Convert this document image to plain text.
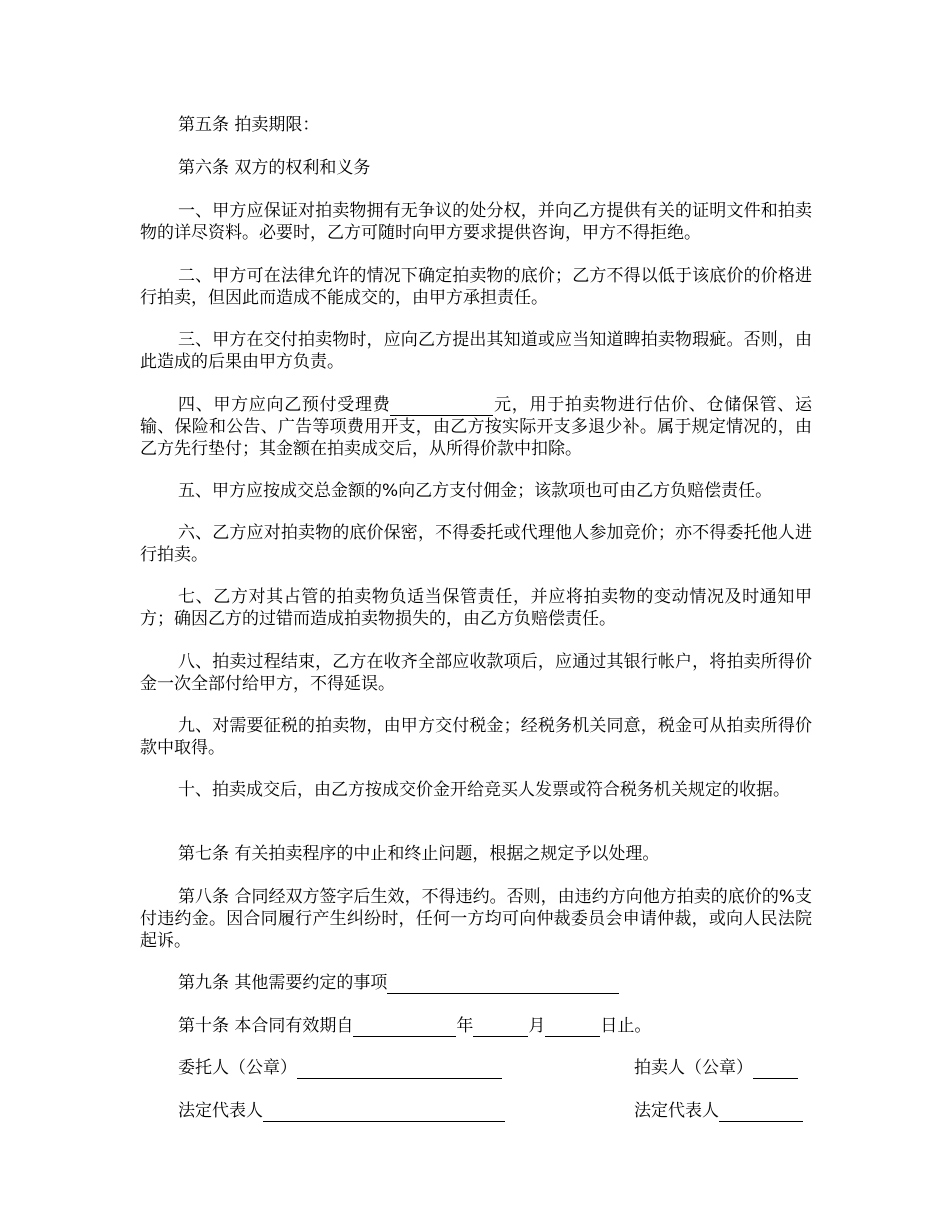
第五条 拍卖期限：

第六条 双方的权利和义务

一、甲方应保证对拍卖物拥有无争议的处分权，并向乙方提供有关的证明文件和拍卖物的详尽资料。必要时，乙方可随时向甲方要求提供咨询，甲方不得拒绝。

二、甲方可在法律允许的情况下确定拍卖物的底价；乙方不得以低于该底价的价格进行拍卖，但因此而造成不能成交的，由甲方承担责任。

三、甲方在交付拍卖物时，应向乙方提出其知道或应当知道睥拍卖物瑕疵。否则，由此造成的后果由甲方负责。

四、甲方应向乙预付受理费	元，用于拍卖物进行估价、仓储保管、运输、保险和公告、广告等项费用开支，由乙方按实际开支多退少补。属于规定情况的，由乙方先行垫付；其金额在拍卖成交后，从所得价款中扣除。

五、甲方应按成交总金额的%向乙方支付佣金；该款项也可由乙方负赔偿责任。

六、乙方应对拍卖物的底价保密，不得委托或代理他人参加竞价；亦不得委托他人进行拍卖。

七、乙方对其占管的拍卖物负适当保管责任，并应将拍卖物的变动情况及时通知甲方；确因乙方的过错而造成拍卖物损失的，由乙方负赔偿责任。

八、拍卖过程结束，乙方在收齐全部应收款项后，应通过其银行帐户，将拍卖所得价金一次全部付给甲方，不得延误。

九、对需要征税的拍卖物，由甲方交付税金；经税务机关同意，税金可从拍卖所得价款中取得。

十、拍卖成交后，由乙方按成交价金开给竞买人发票或符合税务机关规定的收据。

第七条 有关拍卖程序的中止和终止问题，根据之规定予以处理。

第八条 合同经双方签字后生效，不得违约。否则，由违约方向他方拍卖的底价的%支付违约金。因合同履行产生纠纷时，任何一方均可向仲裁委员会申请仲裁，或向人民法院起诉。

第九条 其他需要约定的事项

第十条 本合同有效期自	年	月	日止。

委托人（公章）	拍卖人（公章）

法定代表人	法定代表人
